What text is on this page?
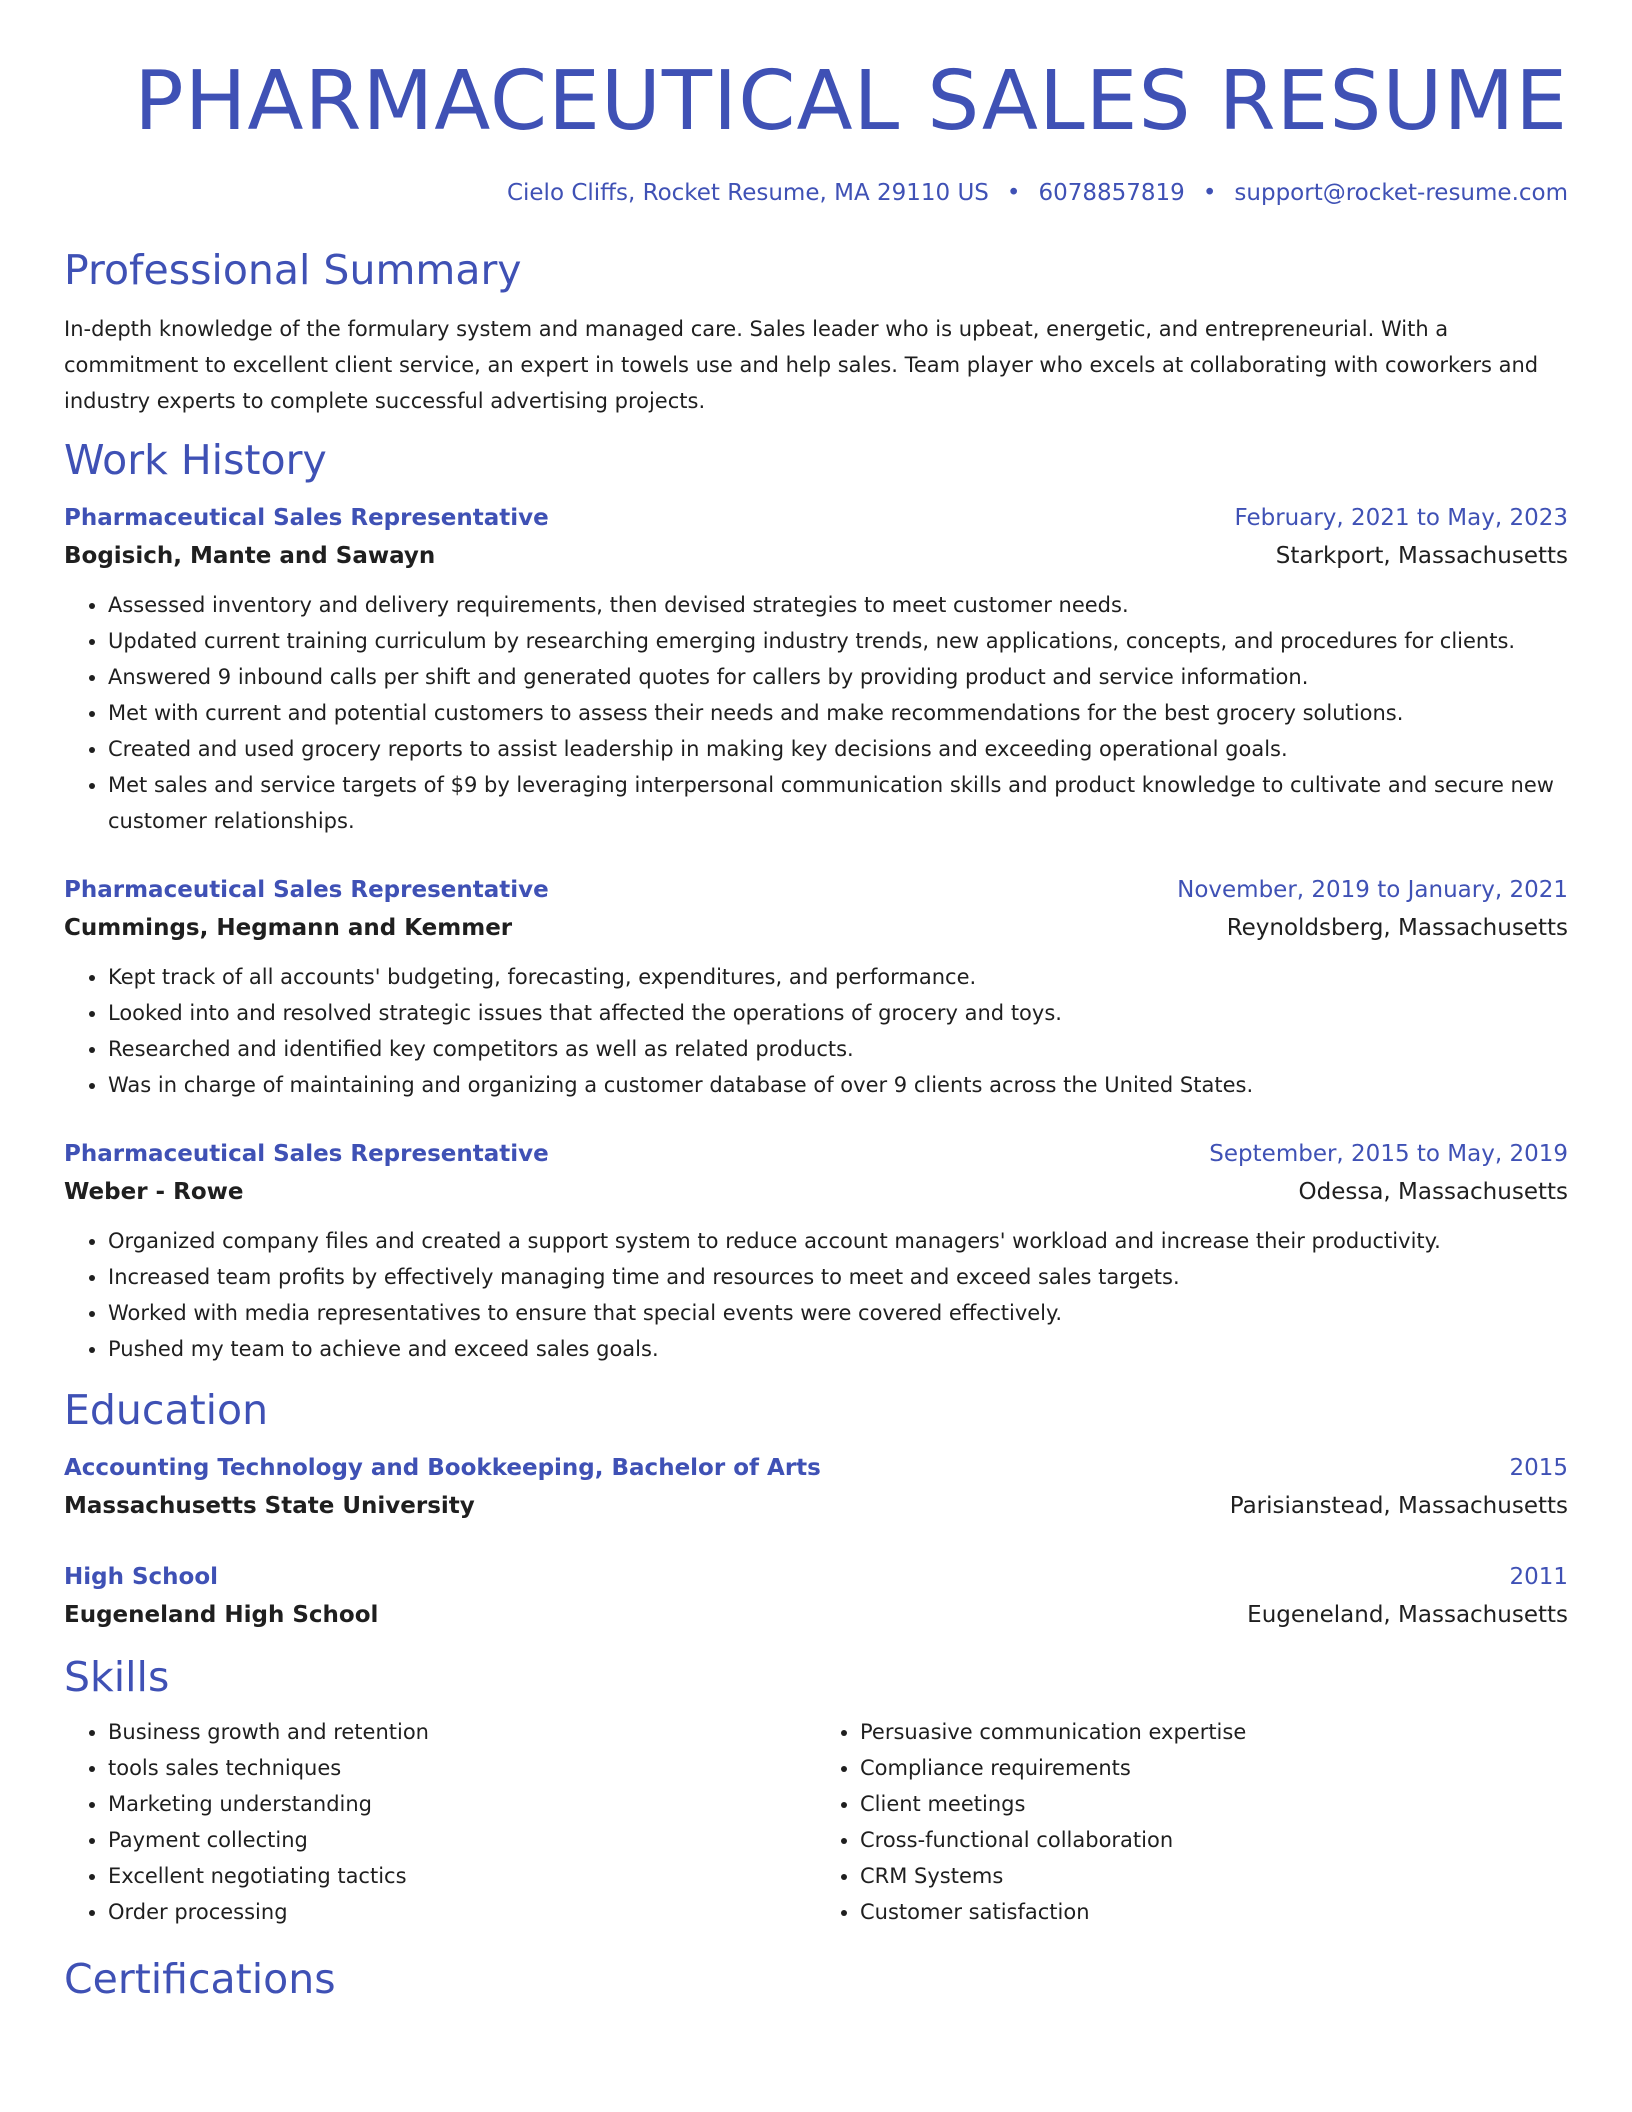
PHARMACEUTICAL SALES RESUME
Cielo Cliffs, Rocket Resume, MA 29110 US • 6078857819 • support@rocket-resume.com
Professional Summary

In-depth knowledge of the formulary system and managed care. Sales leader who is upbeat, energetic, and entrepreneurial. With a commitment to excellent client service, an expert in towels use and help sales. Team player who excels at collaborating with coworkers and industry experts to complete successful advertising projects.

Work History
Pharmaceutical Sales Representative	February, 2021 to May, 2023
Bogisich, Mante and Sawayn	Starkport, Massachusetts
• Assessed inventory and delivery requirements, then devised strategies to meet customer needs.
• Updated current training curriculum by researching emerging industry trends, new applications, concepts, and procedures for clients.
• Answered 9 inbound calls per shift and generated quotes for callers by providing product and service information.
• Met with current and potential customers to assess their needs and make recommendations for the best grocery solutions.
• Created and used grocery reports to assist leadership in making key decisions and exceeding operational goals.
• Met sales and service targets of $9 by leveraging interpersonal communication skills and product knowledge to cultivate and secure new customer relationships.
Pharmaceutical Sales Representative	November, 2019 to January, 2021
Cummings, Hegmann and Kemmer	Reynoldsberg, Massachusetts
• Kept track of all accounts' budgeting, forecasting, expenditures, and performance.
• Looked into and resolved strategic issues that affected the operations of grocery and toys.
• Researched and identified key competitors as well as related products.
• Was in charge of maintaining and organizing a customer database of over 9 clients across the United States.
Pharmaceutical Sales Representative	September, 2015 to May, 2019
Weber - Rowe	Odessa, Massachusetts
• Organized company files and created a support system to reduce account managers' workload and increase their productivity.
• Increased team profits by effectively managing time and resources to meet and exceed sales targets.
• Worked with media representatives to ensure that special events were covered effectively.
• Pushed my team to achieve and exceed sales goals.
Education
Accounting Technology and Bookkeeping, Bachelor of Arts	2015
Massachusetts State University	Parisianstead, Massachusetts
High School	2011
Eugeneland High School	Eugeneland, Massachusetts
Skills
• Business growth and retention
• tools sales techniques
• Marketing understanding
• Payment collecting
• Excellent negotiating tactics
• Order processing
• Persuasive communication expertise
• Compliance requirements
• Client meetings
• Cross-functional collaboration
• CRM Systems
• Customer satisfaction
Certifications
